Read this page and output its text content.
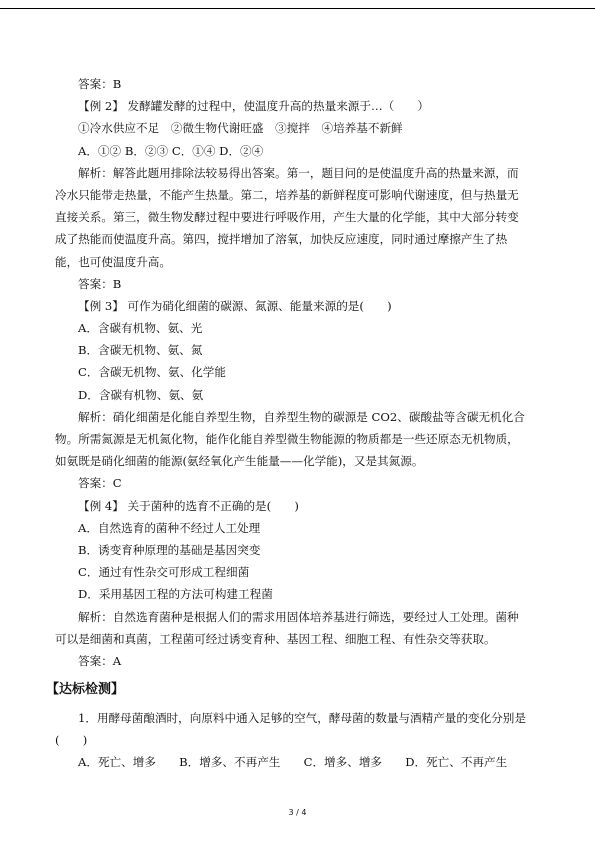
答案：B
【例 2】 发酵罐发酵的过程中，使温度升高的热量来源于…（　　）
①冷水供应不足　②微生物代谢旺盛　③搅拌　④培养基不新鲜
A．①② B．②③ C．①④ D．②④
解析：解答此题用排除法较易得出答案。第一，题目问的是使温度升高的热量来源，而
冷水只能带走热量，不能产生热量。第二，培养基的新鲜程度可影响代谢速度，但与热量无
直接关系。第三，微生物发酵过程中要进行呼吸作用，产生大量的化学能，其中大部分转变
成了热能而使温度升高。第四，搅拌增加了溶氧，加快反应速度，同时通过摩擦产生了热
能，也可使温度升高。
答案：B
【例 3】 可作为硝化细菌的碳源、氮源、能量来源的是(　　)
A．含碳有机物、氨、光
B．含碳无机物、氨、氮
C．含碳无机物、氨、化学能
D．含碳有机物、氨、氨
解析：硝化细菌是化能自养型生物，自养型生物的碳源是 CO2、碳酸盐等含碳无机化合
物。所需氮源是无机氮化物，能作化能自养型微生物能源的物质都是一些还原态无机物质，
如氨既是硝化细菌的能源(氨经氧化产生能量——化学能)，又是其氮源。
答案：C
【例 4】 关于菌种的选育不正确的是(　　)
A．自然选育的菌种不经过人工处理
B．诱变育种原理的基础是基因突变
C．通过有性杂交可形成工程细菌
D．采用基因工程的方法可构建工程菌
解析：自然选育菌种是根据人们的需求用固体培养基进行筛选，要经过人工处理。菌种
可以是细菌和真菌，工程菌可经过诱变育种、基因工程、细胞工程、有性杂交等获取。
答案：A
【达标检测】
1．用酵母菌酿酒时，向原料中通入足够的空气，酵母菌的数量与酒精产量的变化分别是
(　　)
A．死亡、增多　　B．增多、不再产生　　C．增多、增多　　D．死亡、不再产生
3 / 4
